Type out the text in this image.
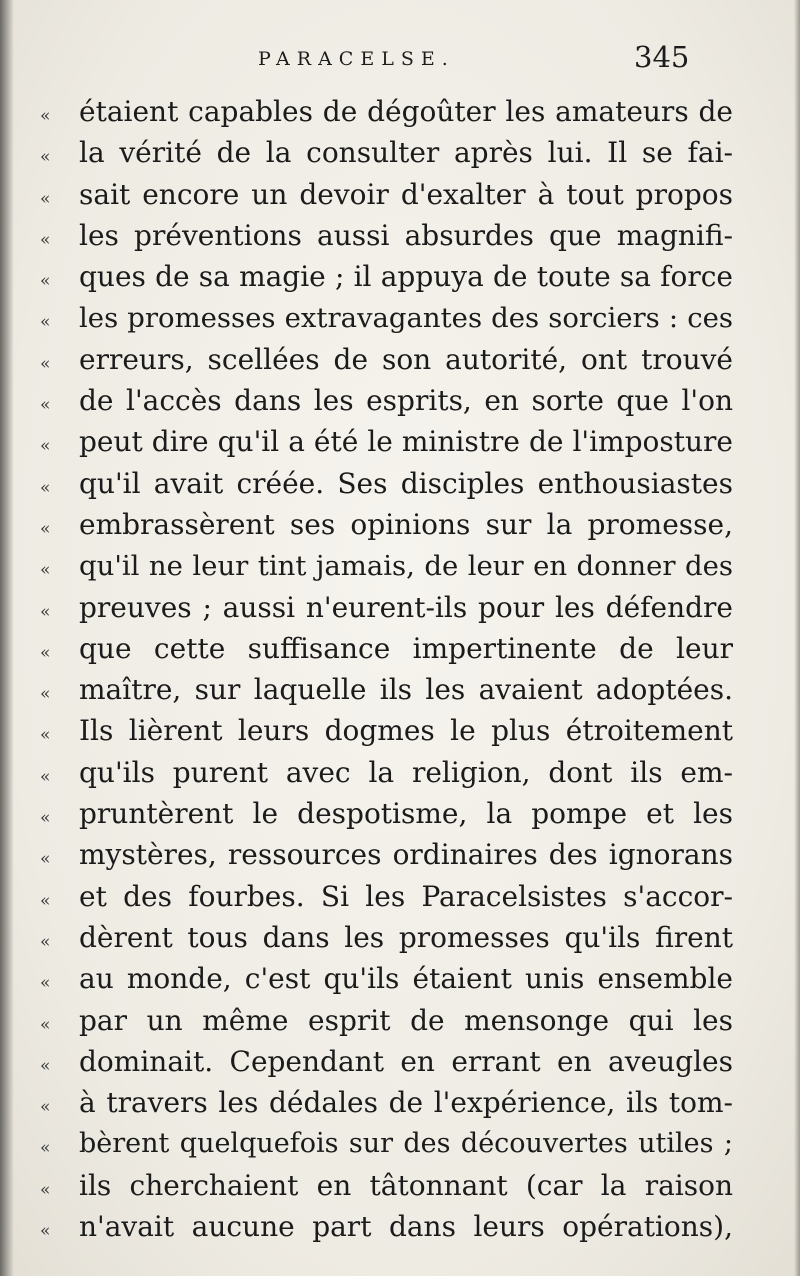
PARACELSE.	345
« étaient capables de dégoûter les amateurs de
« la vérité de la consulter après lui. Il se fai-
« sait encore un devoir d'exalter à tout propos
« les préventions aussi absurdes que magnifi-
« ques de sa magie ; il appuya de toute sa force
« les promesses extravagantes des sorciers : ces
« erreurs, scellées de son autorité, ont trouvé
« de l'accès dans les esprits, en sorte que l'on
« peut dire qu'il a été le ministre de l'imposture
« qu'il avait créée. Ses disciples enthousiastes
« embrassèrent ses opinions sur la promesse,
« qu'il ne leur tint jamais, de leur en donner des
« preuves ; aussi n'eurent-ils pour les défendre
« que cette suffisance impertinente de leur
« maître, sur laquelle ils les avaient adoptées.
« Ils lièrent leurs dogmes le plus étroitement
« qu'ils purent avec la religion, dont ils em-
« pruntèrent le despotisme, la pompe et les
« mystères, ressources ordinaires des ignorans
« et des fourbes. Si les Paracelsistes s'accor-
« dèrent tous dans les promesses qu'ils firent
« au monde, c'est qu'ils étaient unis ensemble
« par un même esprit de mensonge qui les
« dominait. Cependant en errant en aveugles
« à travers les dédales de l'expérience, ils tom-
« bèrent quelquefois sur des découvertes utiles ;
« ils cherchaient en tâtonnant (car la raison
« n'avait aucune part dans leurs opérations),
